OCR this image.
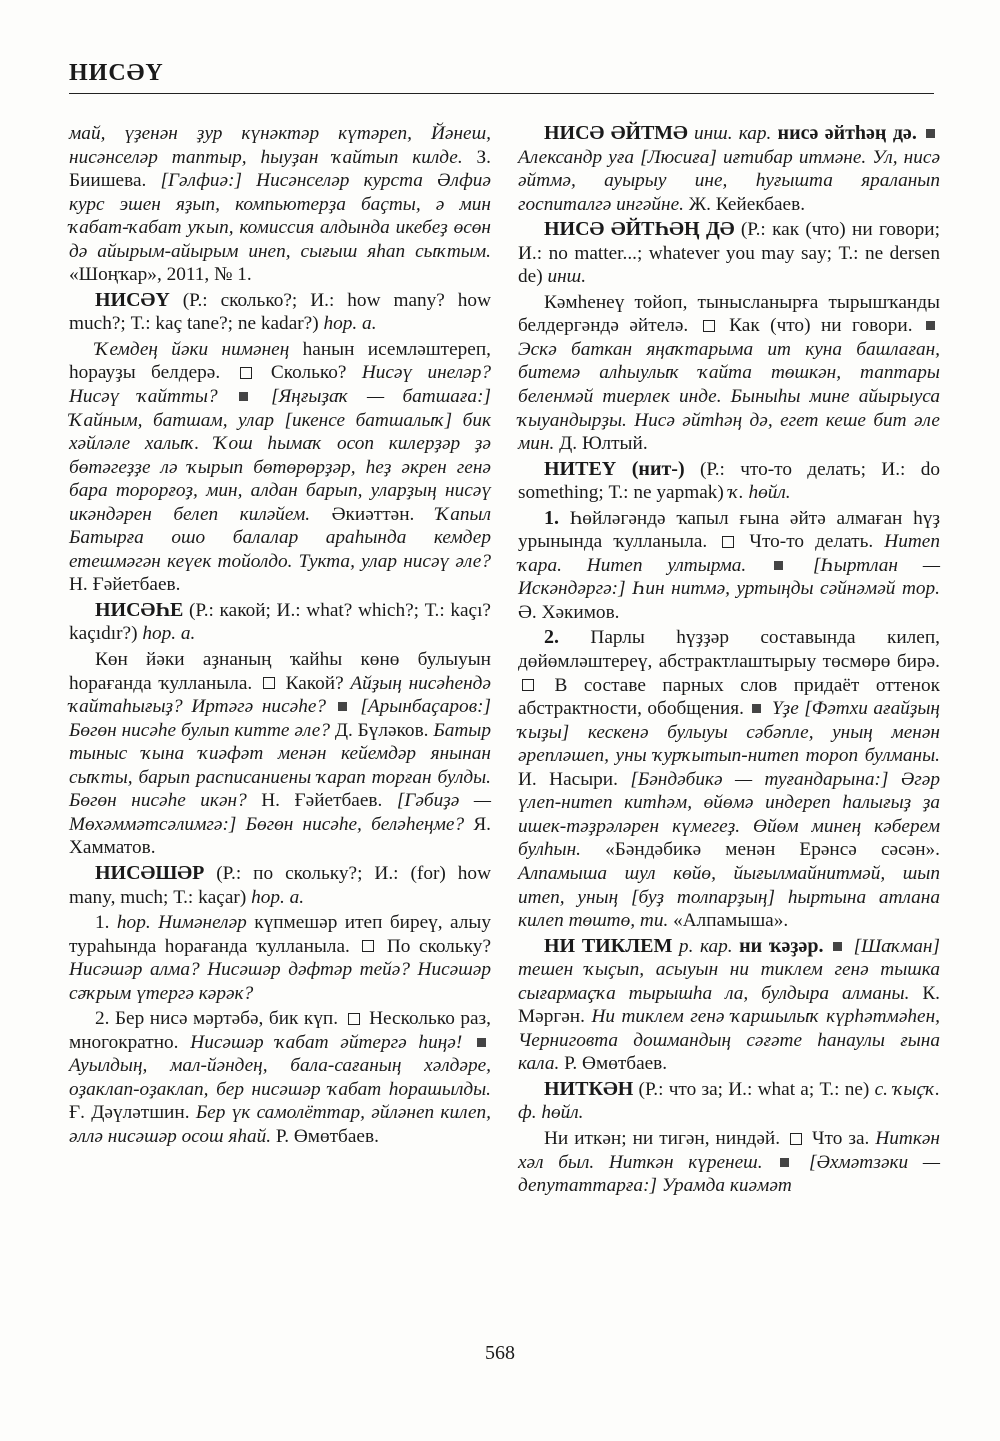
НИСӘҮ

май, үҙенән ҙур күнәктәр күтәреп, Йәнеш, нисәнселәр таптыр, һыуҙан ҡайтып килде. З. Биишева. [Гәлфиә:] Нисәнселәр курста Әлфиә курс эшен яҙып, компьютерҙа баҫты, ә мин ҡабат-ҡабат уҡып, комиссия алдында икебеҙ өсөн дә айырым-айырым инеп, сығыш яһап сыҡтым. «Шоңҡар», 2011, № 1.

НИСӘҮ (Р.: сколько?; И.: how many? how much?; Т.: kaç tane?; ne kadar?) һор. а.

Ҡемдең йәки нимәнең һанын исемләштереп, һорауҙы белдерә.  Сколько? Нисәү инеләр? Нисәү ҡайтты?  [Яңғыҙаҡ — батшаға:] Ҡайным, батшам, улар [икенсе батшалыҡ] бик хәйләле халыҡ. Ҡош һымаҡ осоп килерҙәр ҙә бөтәгеҙҙе лә ҡырып бөтөрөрҙәр, һеҙ әкрен генә бара торорғоҙ, мин, алдан барып, уларҙың нисәү икәндәрен белеп киләйем. Әкиәттән. Ҡапыл Батырға ошо балалар араһында кемдер етешмәгән кеүек тойолдо. Тукта, улар нисәү әле? Н. Ғәйетбаев.

НИСӘҺЕ (Р.: какой; И.: what? which?; Т.: kaçı? kaçıdır?) һор. а.

Көн йәки аҙнаның ҡайһы көнө булыуын һорағанда ҡулланыла.  Какой? Айҙың нисәһендә ҡайтаһығыҙ? Иртәгә нисәһе?  [Арынбаҫаров:] Бөгөн нисәһе булып китте әле? Д. Бүләков. Батыр тыныс ҡына ҡиәфәт менән кейемдәр янынан сыҡты, барып расписаниены ҡарап торған булды. Бөгөн нисәһе икән? Н. Ғәйетбаев. [Гәбиҙә — Мөхәммәтсәлимгә:] Бөгөн нисәһе, беләһеңме? Я. Хамматов.

НИСӘШӘР (Р.: по скольку?; И.: (for) how many, much; Т.: kaçar) һор. а.

1. һор. Нимәнеләр күпмешәр итеп биреү, алыу тураһында һорағанда ҡулланыла.  По скольку? Нисәшәр алма? Нисәшәр дәфтәр тейә? Нисәшәр сәҡрым үтергә кәрәк?

2. Бер нисә мәртәбә, бик күп.  Несколько раз, многократно. Нисәшәр ҡабат әйтергә һиңә!  Ауылдың, мал-йәндең, бала-сағаның хәлдәре, оҙаклап-оҙаклап, бер нисәшәр ҡабат һорашылды. Ғ. Дәүләтшин. Бер үк самолёттар, әйләнеп килеп, әллә нисәшәр осош яһай. Р. Өмөтбаев.

НИСӘ ӘЙТМӘ инш. кар. нисә әйтһәң дә.  Александр уға [Люсиға] иғтибар итмәне. Ул, нисә әйтмә, ауырыу ине, һуғышта яраланып госпиталгә ингәйне. Ж. Кейекбаев.

НИСӘ ӘЙТҺӘҢ ДӘ (Р.: как (что) ни говори; И.: no matter...; whatever you may say; Т.: ne dersen de) инш.

Кәмһенеү тойоп, тынысланырға тырышҡанды белдергәндә әйтелә.  Как (что) ни говори.  Эскә баткан яңаҡтарыма ит куна башлаған, битемә алһыулыҡ ҡайта төшкән, таптары беленмәй тиерлек инде. Быныһы мине айырыуса ҡыуандырҙы. Нисә әйтһәң дә, егет кеше бит әле мин. Д. Юлтый.

НИТЕҮ (нит-) (Р.: что-то делать; И.: do something; Т.: ne yapmak) ҡ. һөйл.

1. Һөйләгәндә ҡапыл ғына әйтә алмаған һүҙ урынында ҡулланыла.  Что-то делать. Нитеп ҡара. Нитеп ултырма.  [Һыртлан — Искәндәргә:] Һин нитмә, уртыңды сәйнәмәй тор. Ә. Хәкимов.

2. Парлы һүҙҙәр составында килеп, дөйөмләштереү, абстрактлаштырыу төсмөрө бирә.  В составе парных слов придаёт оттенок абстрактности, обобщения.  Үҙе [Фәтхи ағайҙың ҡыҙы] кескенә булыуы сәбәпле, уның менән әреплəшеп, уны ҡурҡытып-нитеп тороп булманы. И. Насыри. [Бәндәбикә — туғандарына:] Әгәр үлеп-нитеп китһәм, өйөмә индереп һалығыҙ ҙа ишек-тәҙрәләрен күмегеҙ. Өйөм минең кәберем булһын. «Бәндәбикә менән Ерәнсә сәсән». Алпамыша шул көйө, йығылмайнитмәй, шып итеп, уның [буҙ толпарҙың] һыртына атлана килеп төштө, ти. «Алпамыша».

НИ ТИКЛЕМ р. кар. ни ҡәҙәр.  [Шаҡман] тешен ҡыҫып, асыуын ни тиклем генә тышка сығармаҫҡа тырышһа ла, булдыра алманы. К. Мәргән. Ни тиклем генә ҡаршылыҡ күрһәтмәһен, Черниговта дошмандың сәғәте һанаулы ғына кала. Р. Өмөтбаев.

НИТКӘН (Р.: что за; И.: what a; Т.: ne) с. ҡыҫҡ. ф. һөйл.

Ни иткән; ни тигән, ниндәй.  Что за. Ниткән хәл был. Ниткән күренеш.  [Әхмәтзәки — депутаттарға:] Урамда киәмәт

568
